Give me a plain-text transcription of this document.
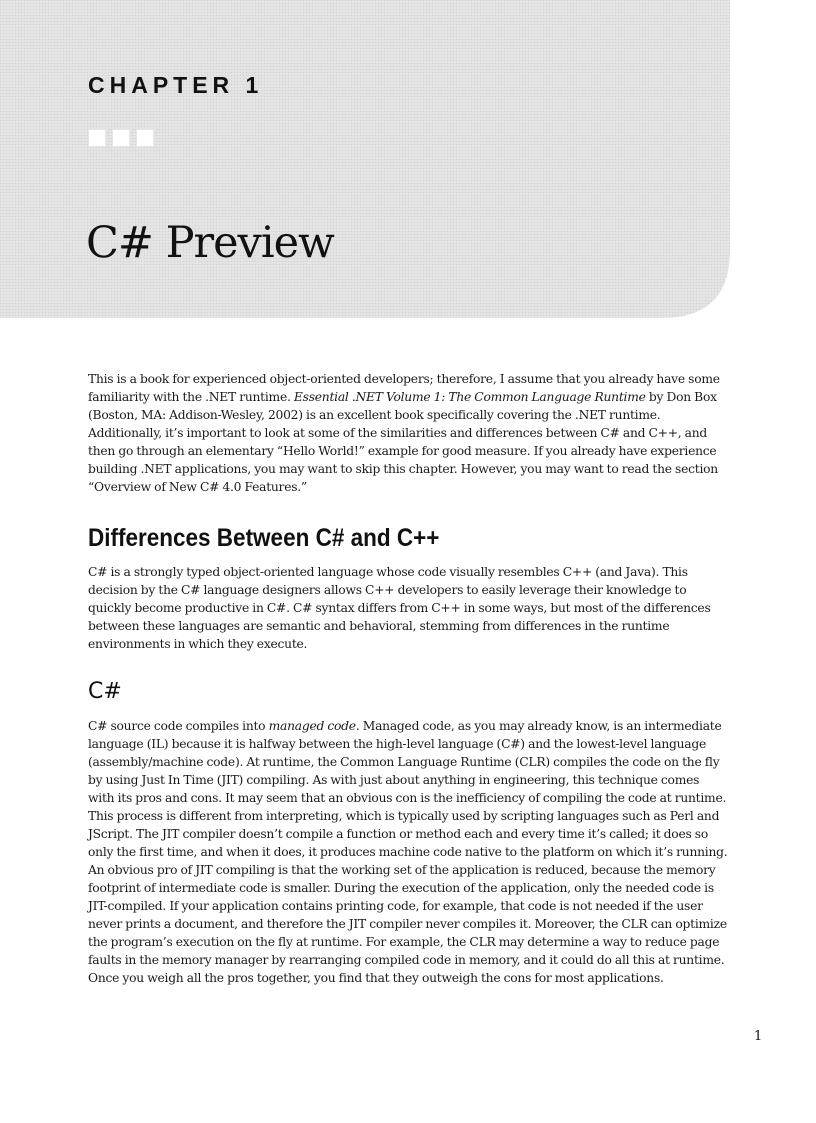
CHAPTER 1
C# Preview

This is a book for experienced object-oriented developers; therefore, I assume that you already have some familiarity with the .NET runtime. Essential .NET Volume 1: The Common Language Runtime by Don Box (Boston, MA: Addison-Wesley, 2002) is an excellent book specifically covering the .NET runtime. Additionally, it’s important to look at some of the similarities and differences between C# and C++, and then go through an elementary “Hello World!” example for good measure. If you already have experience building .NET applications, you may want to skip this chapter. However, you may want to read the section “Overview of New C# 4.0 Features.”

Differences Between C# and C++

C# is a strongly typed object-oriented language whose code visually resembles C++ (and Java). This decision by the C# language designers allows C++ developers to easily leverage their knowledge to quickly become productive in C#. C# syntax differs from C++ in some ways, but most of the differences between these languages are semantic and behavioral, stemming from differences in the runtime environments in which they execute.

C#

C# source code compiles into managed code. Managed code, as you may already know, is an intermediate language (IL) because it is halfway between the high-level language (C#) and the lowest-level language (assembly/machine code). At runtime, the Common Language Runtime (CLR) compiles the code on the fly by using Just In Time (JIT) compiling. As with just about anything in engineering, this technique comes with its pros and cons. It may seem that an obvious con is the inefficiency of compiling the code at runtime. This process is different from interpreting, which is typically used by scripting languages such as Perl and JScript. The JIT compiler doesn’t compile a function or method each and every time it’s called; it does so only the first time, and when it does, it produces machine code native to the platform on which it’s running. An obvious pro of JIT compiling is that the working set of the application is reduced, because the memory footprint of intermediate code is smaller. During the execution of the application, only the needed code is JIT-compiled. If your application contains printing code, for example, that code is not needed if the user never prints a document, and therefore the JIT compiler never compiles it. Moreover, the CLR can optimize the program’s execution on the fly at runtime. For example, the CLR may determine a way to reduce page faults in the memory manager by rearranging compiled code in memory, and it could do all this at runtime. Once you weigh all the pros together, you find that they outweigh the cons for most applications.

1
